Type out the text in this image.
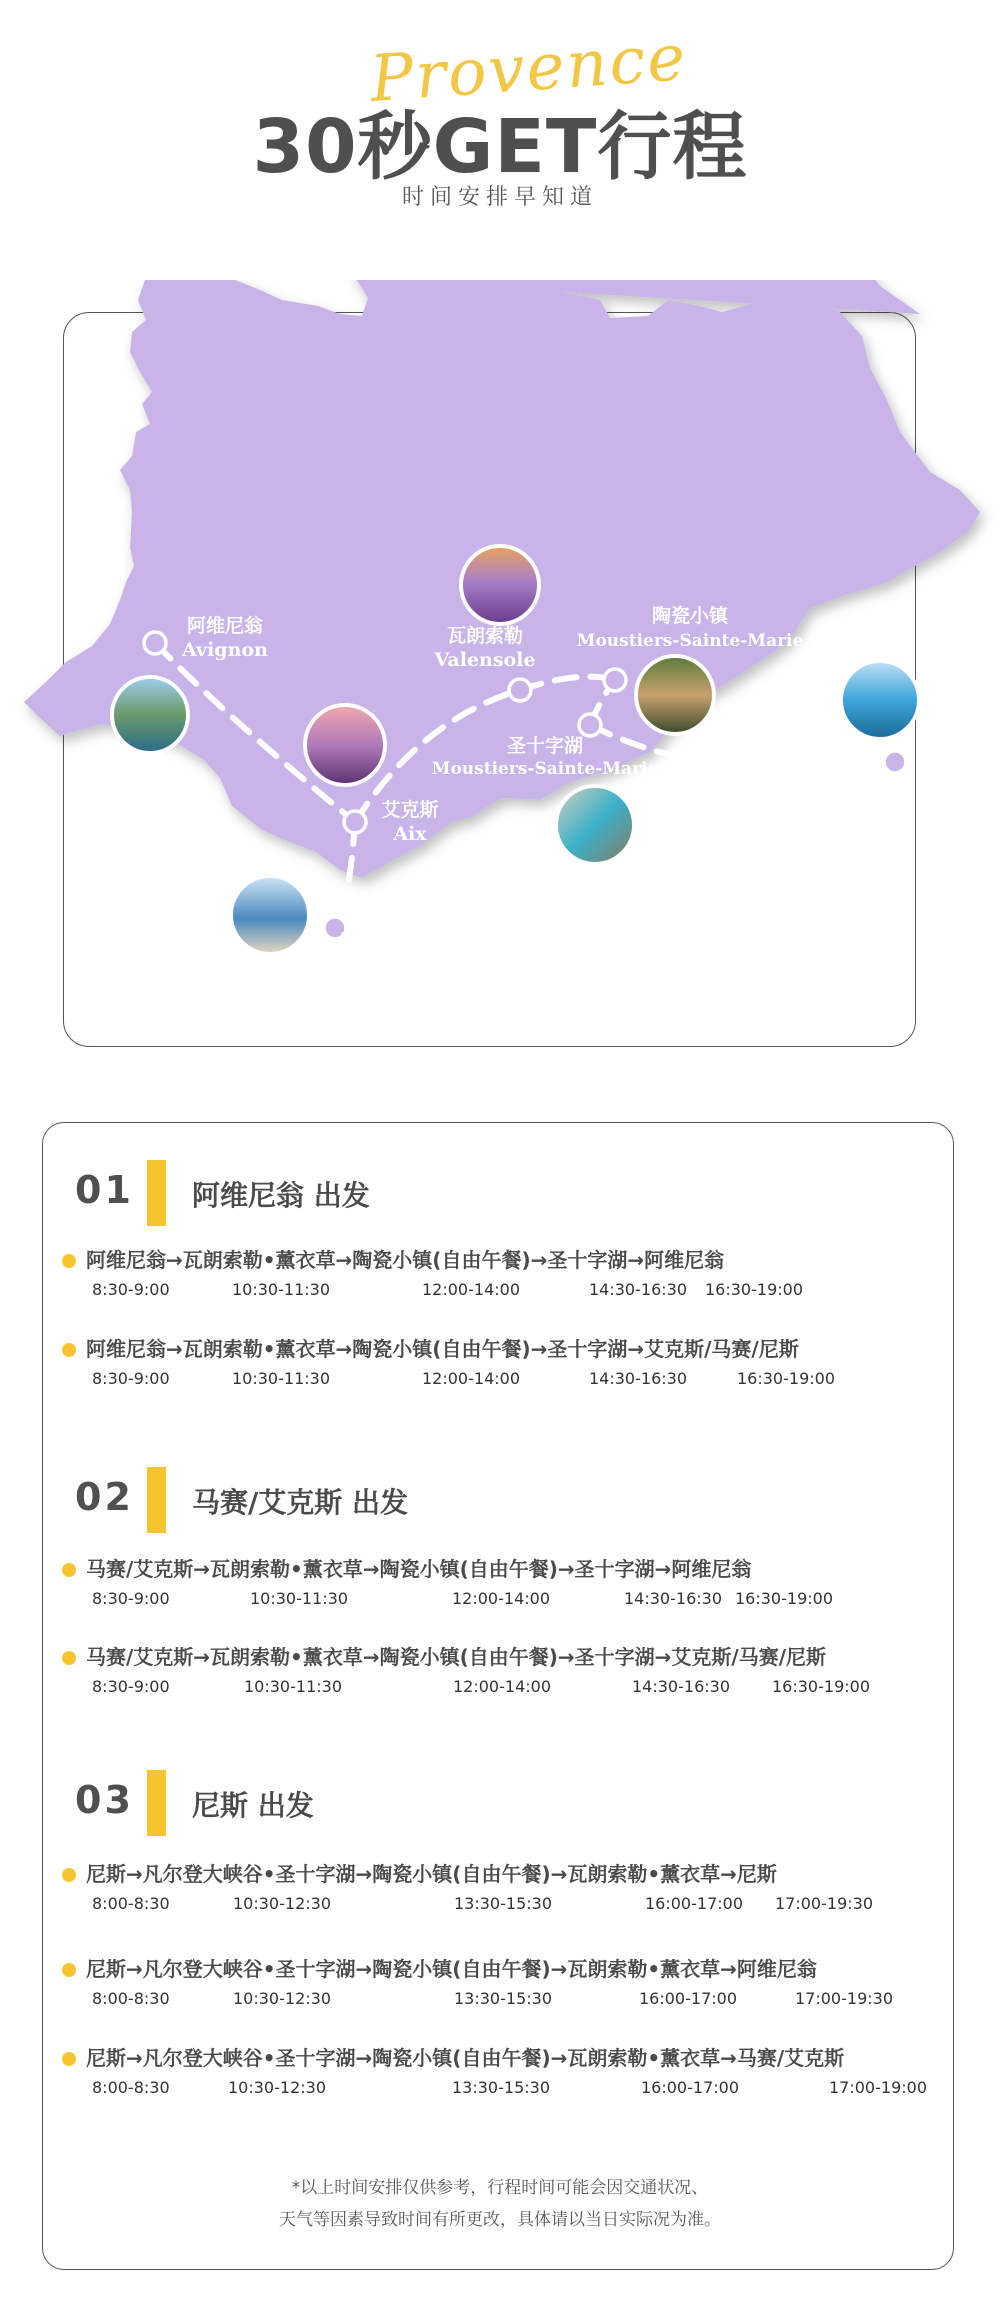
Provence
30秒GET行程
时间安排早知道
阿维尼翁
Avignon
瓦朗索勒
Valensole
陶瓷小镇
Moustiers-Sainte-Marie
圣十字湖
Moustiers-Sainte-Marie
艾克斯
Aix
马赛
Marseille
尼斯
Nice
01 阿维尼翁 出发
阿维尼翁→瓦朗索勒•薰衣草→陶瓷小镇(自由午餐)→圣十字湖→阿维尼翁
8:30-9:00	10:30-11:30	12:00-14:00	14:30-16:30 16:30-19:00
阿维尼翁→瓦朗索勒•薰衣草→陶瓷小镇(自由午餐)→圣十字湖→艾克斯/马赛/尼斯
8:30-9:00	10:30-11:30	12:00-14:00	14:30-16:30	16:30-19:00
02 马赛/艾克斯 出发
马赛/艾克斯→瓦朗索勒•薰衣草→陶瓷小镇(自由午餐)→圣十字湖→阿维尼翁
8:30-9:00	10:30-11:30	12:00-14:00	14:30-16:30 16:30-19:00
马赛/艾克斯→瓦朗索勒•薰衣草→陶瓷小镇(自由午餐)→圣十字湖→艾克斯/马赛/尼斯
8:30-9:00	10:30-11:30	12:00-14:00	14:30-16:30	16:30-19:00
03 尼斯 出发
尼斯→凡尔登大峡谷•圣十字湖→陶瓷小镇(自由午餐)→瓦朗索勒•薰衣草→尼斯
8:00-8:30	10:30-12:30	13:30-15:30	16:00-17:00 17:00-19:30
尼斯→凡尔登大峡谷•圣十字湖→陶瓷小镇(自由午餐)→瓦朗索勒•薰衣草→阿维尼翁
8:00-8:30	10:30-12:30	13:30-15:30	16:00-17:00	17:00-19:30
尼斯→凡尔登大峡谷•圣十字湖→陶瓷小镇(自由午餐)→瓦朗索勒•薰衣草→马赛/艾克斯
8:00-8:30	10:30-12:30	13:30-15:30	16:00-17:00	17:00-19:00
*以上时间安排仅供参考，行程时间可能会因交通状况、
天气等因素导致时间有所更改，具体请以当日实际况为准。
